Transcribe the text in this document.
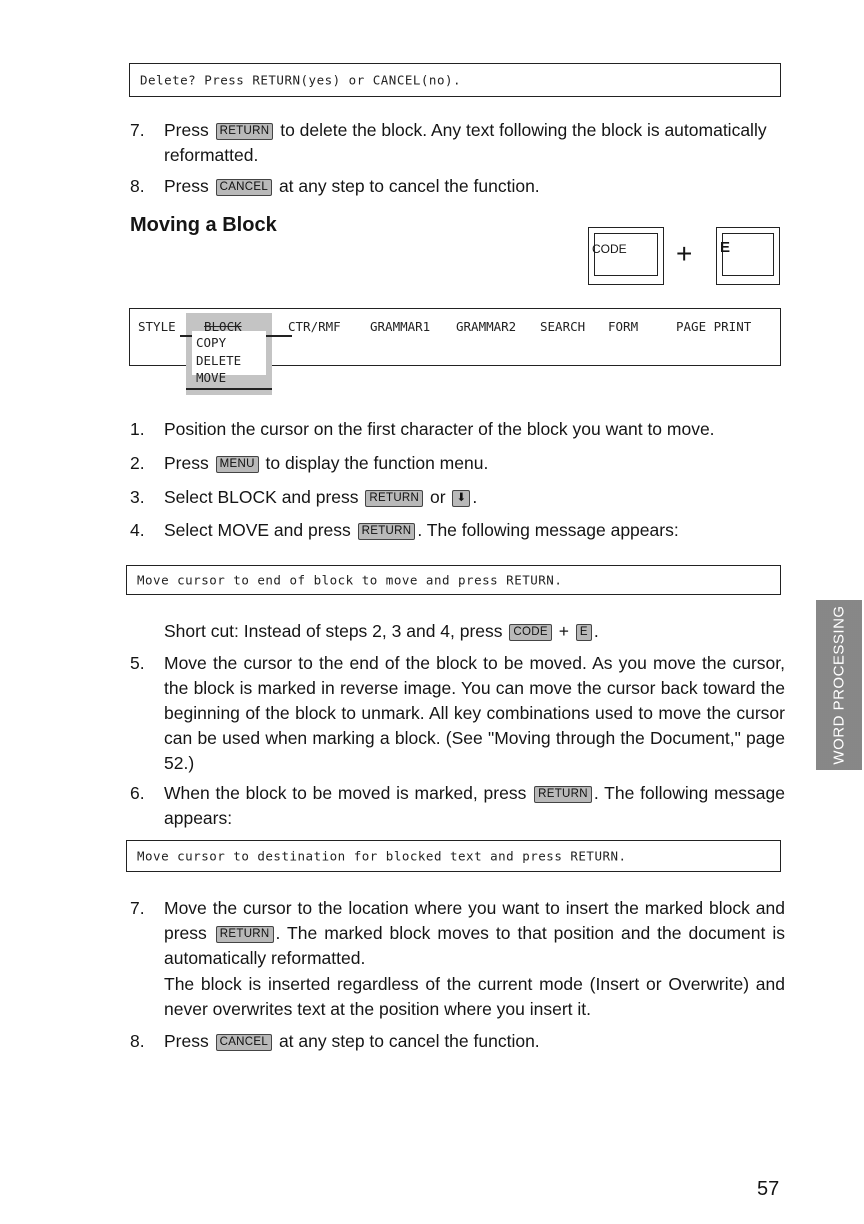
Delete? Press RETURN(yes) or CANCEL(no).
7. Press RETURN to delete the block. Any text following the block is automatically reformatted.
8. Press CANCEL at any step to cancel the function.
Moving a Block
CODE + E
STYLE BLOCK	CTR/RMF GRAMMAR1 GRAMMAR2 SEARCH FORM	PAGE PRINT
COPY
DELETE
MOVE
1. Position the cursor on the first character of the block you want to move.
2. Press MENU to display the function menu.
3. Select BLOCK and press RETURN or ⬇ .
4. Select MOVE and press RETURN . The following message appears:
Move cursor to end of block to move and press RETURN.
Short cut: Instead of steps 2, 3 and 4, press CODE + E .
5. Move the cursor to the end of the block to be moved. As you move the cursor, the block is marked in reverse image. You can move the cursor back toward the beginning of the block to unmark. All key combinations used to move the cursor can be used when marking a block. (See "Moving through the Document," page 52.)
6. When the block to be moved is marked, press RETURN . The following message appears:
Move cursor to destination for blocked text and press RETURN.
7. Move the cursor to the location where you want to insert the marked block and press RETURN . The marked block moves to that position and the document is automatically reformatted.
The block is inserted regardless of the current mode (Insert or Overwrite) and never overwrites text at the position where you insert it.
8. Press CANCEL at any step to cancel the function.
WORD PROCESSING
57
